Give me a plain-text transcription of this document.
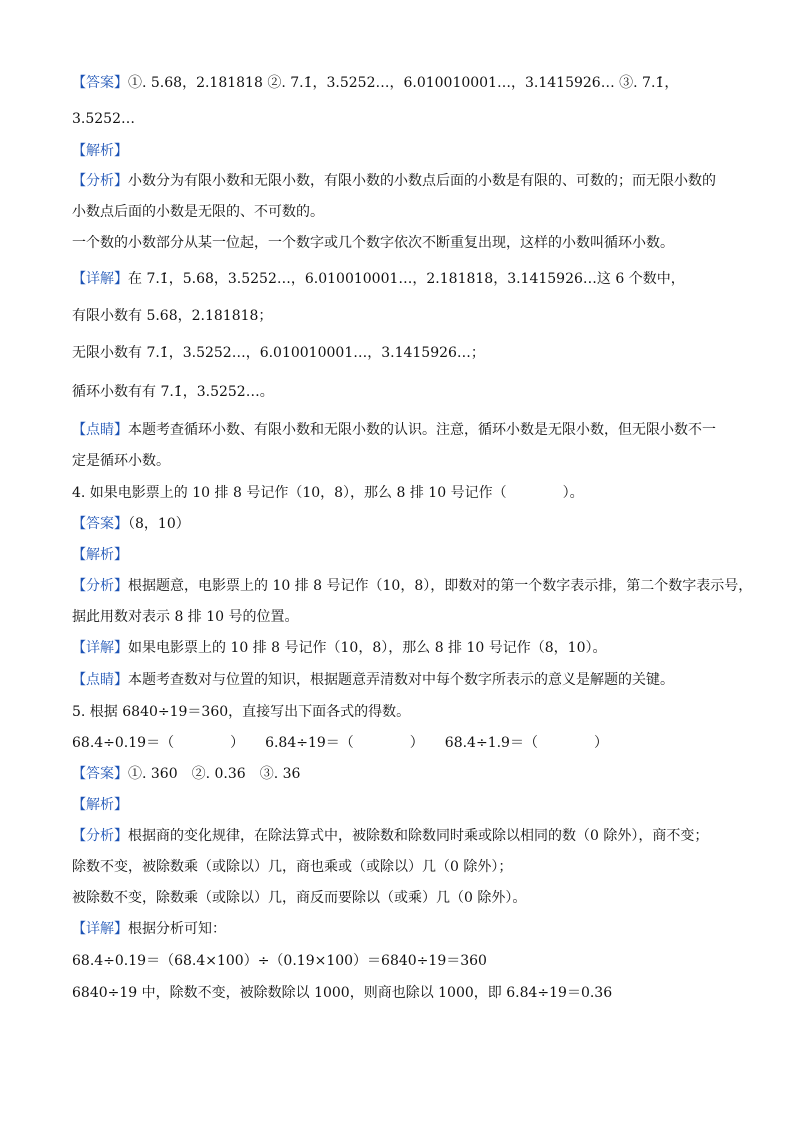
【答案】①. 5.68，2.181818 ②. 7.1̇，3.5252…，6.010010001…，3.1415926… ③. 7.1̇，
3.5252…
【解析】
【分析】小数分为有限小数和无限小数，有限小数的小数点后面的小数是有限的、可数的；而无限小数的
小数点后面的小数是无限的、不可数的。
一个数的小数部分从某一位起，一个数字或几个数字依次不断重复出现，这样的小数叫循环小数。
【详解】在 7.1̇，5.68，3.5252…，6.010010001…，2.181818，3.1415926…这 6 个数中，
有限小数有 5.68，2.181818；
无限小数有 7.1̇，3.5252…，6.010010001…，3.1415926…；
循环小数有有 7.1̇，3.5252…。
【点睛】本题考查循环小数、有限小数和无限小数的认识。注意，循环小数是无限小数，但无限小数不一
定是循环小数。
4. 如果电影票上的 10 排 8 号记作（10，8），那么 8 排 10 号记作（　　　　）。
【答案】（8，10）
【解析】
【分析】根据题意，电影票上的 10 排 8 号记作（10，8），即数对的第一个数字表示排，第二个数字表示号，
据此用数对表示 8 排 10 号的位置。
【详解】如果电影票上的 10 排 8 号记作（10，8），那么 8 排 10 号记作（8，10）。
【点睛】本题考查数对与位置的知识，根据题意弄清数对中每个数字所表示的意义是解题的关键。
5. 根据 6840÷19＝360，直接写出下面各式的得数。
68.4÷0.19＝（　　　　）　　6.84÷19＝（　　　　）　　68.4÷1.9＝（　　　　）
【答案】①. 360　②. 0.36　③. 36
【解析】
【分析】根据商的变化规律，在除法算式中，被除数和除数同时乘或除以相同的数（0 除外），商不变；
除数不变，被除数乘（或除以）几，商也乘或（或除以）几（0 除外）；
被除数不变，除数乘（或除以）几，商反而要除以（或乘）几（0 除外）。
【详解】根据分析可知：
68.4÷0.19＝（68.4×100）÷（0.19×100）＝6840÷19＝360
6840÷19 中，除数不变，被除数除以 1000，则商也除以 1000，即 6.84÷19＝0.36
